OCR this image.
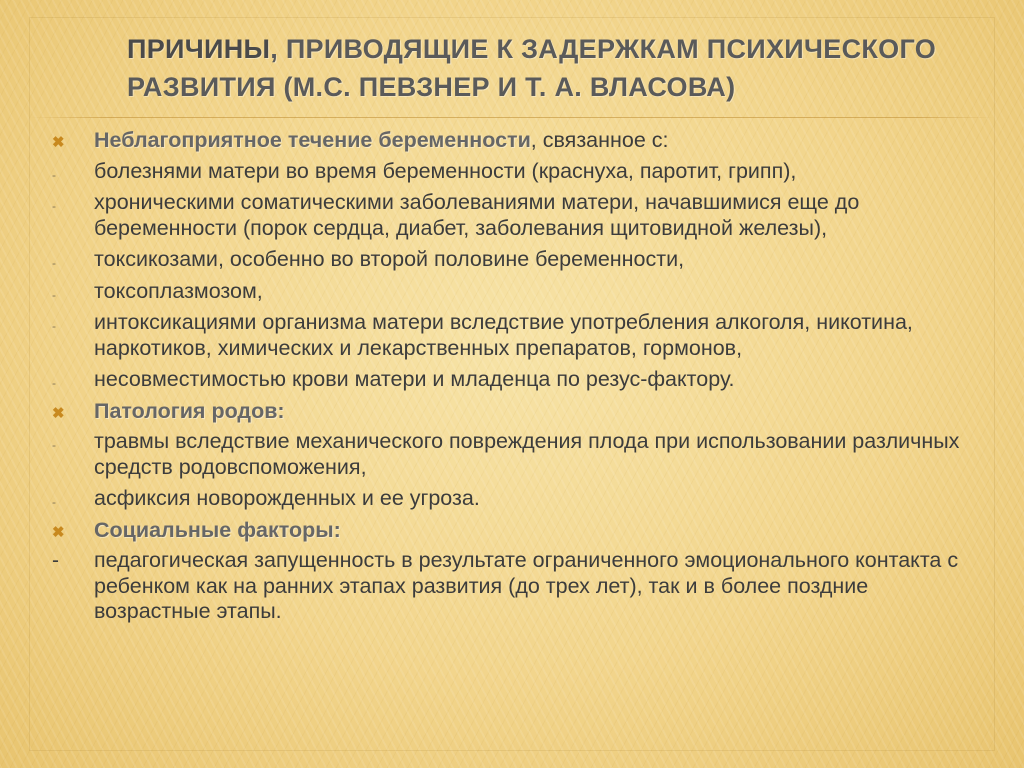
ПРИЧИНЫ, ПРИВОДЯЩИЕ К ЗАДЕРЖКАМ ПСИХИЧЕСКОГО
РАЗВИТИЯ (М.С. ПЕВЗНЕР И Т. А. ВЛАСОВА)
✖	Неблагоприятное течение беременности, связанное с:
-	болезнями матери во время беременности (краснуха, паротит, грипп),
-	хроническими соматическими заболеваниями матери, начавшимися еще до беременности (порок сердца, диабет, заболевания щитовидной железы),
-	токсикозами, особенно во второй половине беременности,
-	токсоплазмозом,
-	интоксикациями организма матери вследствие употребления алкоголя, никотина, наркотиков, химических и лекарственных препаратов, гормонов,
-	несовместимостью крови матери и младенца по резус-фактору.
✖	Патология родов:
-	травмы вследствие механического повреждения плода при использовании различных средств родовспоможения,
-	асфиксия новорожденных и ее угроза.
✖	Социальные факторы:
-	педагогическая запущенность в результате ограниченного эмоционального контакта с ребенком как на ранних этапах развития (до трех лет), так и в более поздние возрастные этапы.
